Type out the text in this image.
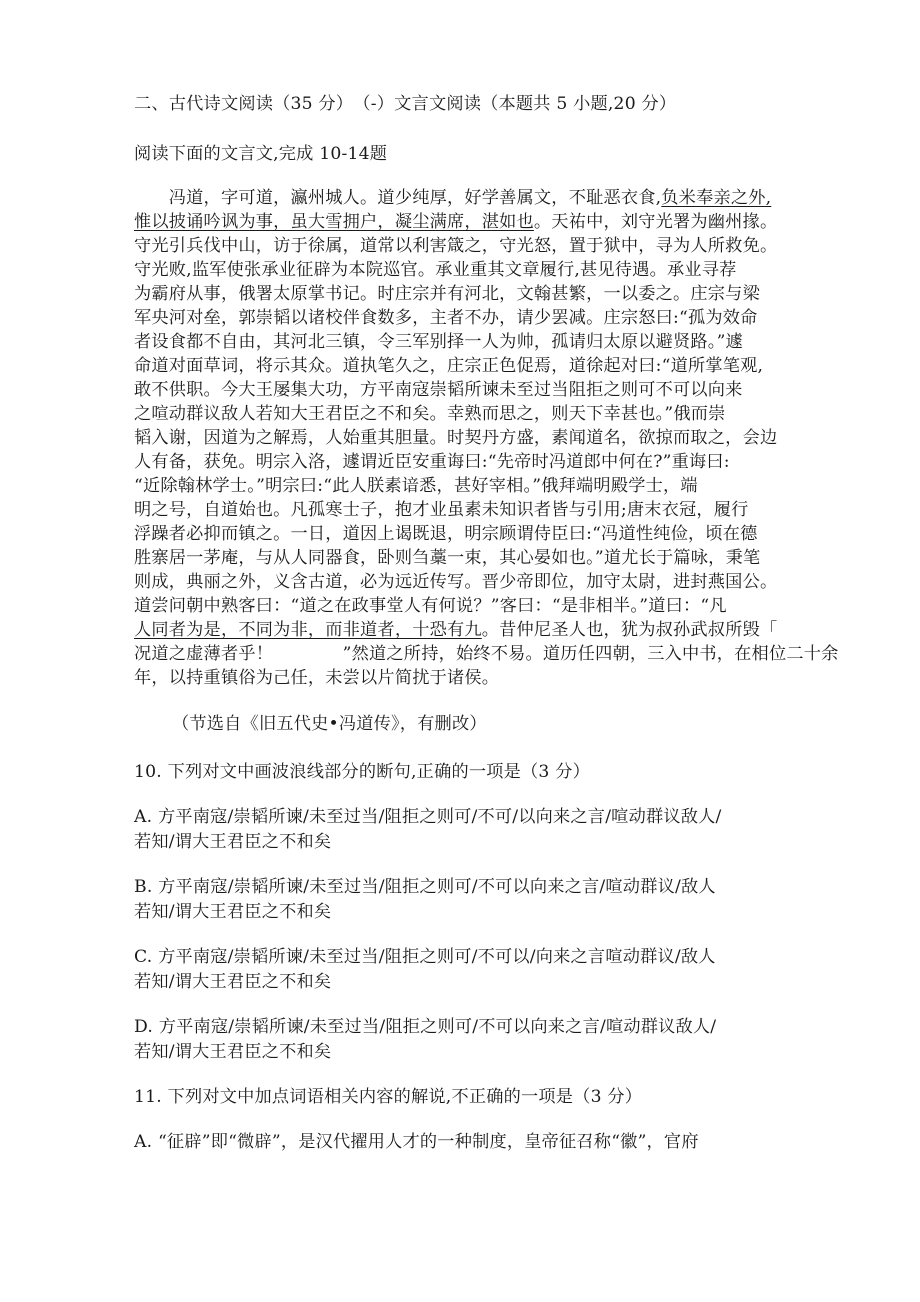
二、古代诗文阅读（35 分）　（-）文言文阅读（本题共 5 小题,20 分）
阅读下面的文言文,完成 10-14题
　　冯道，字可道，瀛州城人。道少纯厚，好学善属文，不耻恶衣食,负米奉亲之外,
惟以披诵吟讽为事，虽大雪拥户，凝尘满席，湛如也。天祐中，刘守光署为幽州掾。
守光引兵伐中山，访于徐属，道常以利害箴之，守光怒，置于狱中，寻为人所救免。
守光败,监军使张承业征辟为本院巡官。承业重其文章履行,甚见待遇。承业寻荐
为霸府从事，俄署太原掌书记。时庄宗并有河北，文翰甚繁，一以委之。庄宗与梁
军央河对垒，郭崇韬以诸校伴食数多，主者不办，请少罢减。庄宗怒曰:“孤为效命
者设食都不自由，其河北三镇，令三军别择一人为帅，孤请归太原以避贤路。”遽
命道对面草词，将示其众。道执笔久之，庄宗正色促焉，道徐起对曰:“道所掌笔观,
敢不供职。今大王屡集大功，方平南寇崇韬所谏未至过当阻拒之则可不可以向来
之喧动群议敌人若知大王君臣之不和矣。幸熟而思之，则天下幸甚也。”俄而崇
韬入谢，因道为之解焉，人始重其胆量。时契丹方盛，素闻道名，欲掠而取之，会边
人有备，获免。明宗入洛，遽谓近臣安重诲曰:“先帝时冯道郎中何在?”重诲曰:
“近除翰林学士。”明宗曰:“此人朕素谙悉，甚好宰相。”俄拜端明殿学士，端
明之号，自道始也。凡孤寒士子，抱才业虽素未知识者皆与引用;唐末衣冠，履行
浮躁者必抑而镇之。一日，道因上谒既退，明宗顾谓侍臣曰:“冯道性纯俭，顷在德
胜寨居一茅庵，与从人同器食，卧则刍藁一束，其心晏如也。”道尤长于篇咏，秉笔
则成，典丽之外，义含古道，必为远近传写。晋少帝即位，加守太尉，进封燕国公。
道尝问朝中熟客曰：“道之在政事堂人有何说？”客曰：“是非相半。”道曰：“凡
人同者为是，不同为非，而非道者，十恐有九。昔仲尼圣人也，犹为叔孙武叔所毁「
况道之虚薄者乎！　　　　”然道之所持，始终不易。道历任四朝，三入中书，在相位二十余
年，以持重镇俗为己任，未尝以片简扰于诸侯。
（节选自《旧五代史•冯道传》，有删改）
10. 下列对文中画波浪线部分的断句,正确的一项是（3 分）
A. 方平南寇/崇韬所谏/未至过当/阻拒之则可/不可/以向来之言/喧动群议敌人/
若知/谓大王君臣之不和矣
B. 方平南寇/崇韬所谏/未至过当/阻拒之则可/不可以向来之言/喧动群议/敌人
若知/谓大王君臣之不和矣
C. 方平南寇/崇韬所谏/未至过当/阻拒之则可/不可以/向来之言喧动群议/敌人
若知/谓大王君臣之不和矣
D. 方平南寇/崇韬所谏/未至过当/阻拒之则可/不可以向来之言/喧动群议敌人/
若知/谓大王君臣之不和矣
11. 下列对文中加点词语相关内容的解说,不正确的一项是（3 分）
A. “征辟”即“微辟”，是汉代擢用人才的一种制度，皇帝征召称“徽”，官府
